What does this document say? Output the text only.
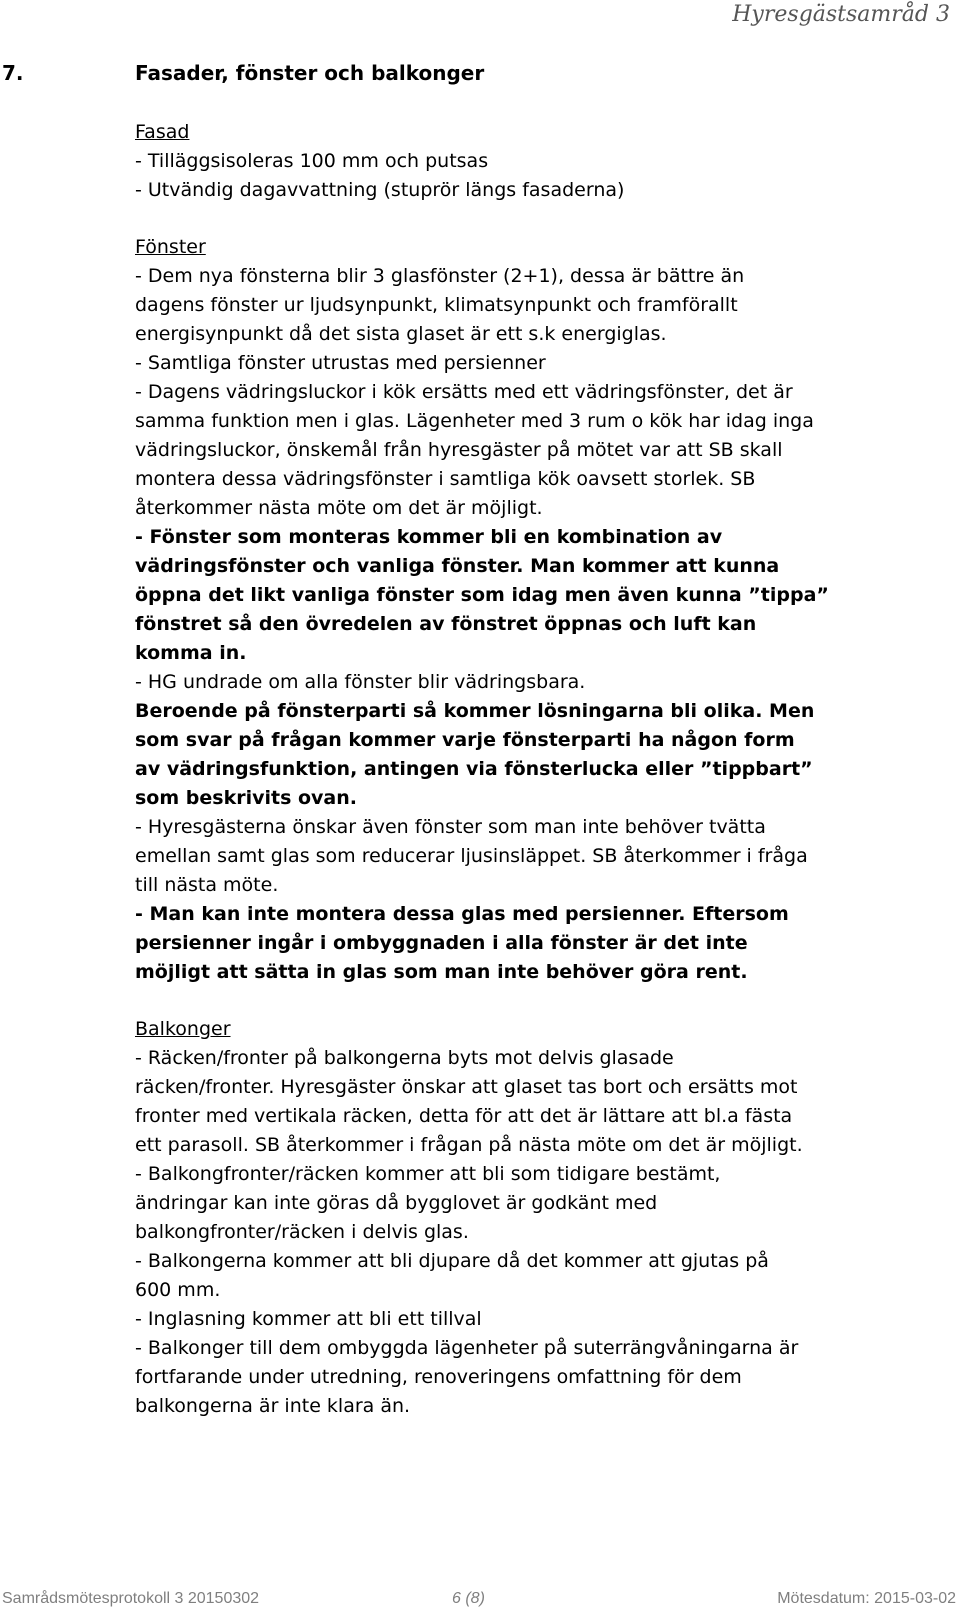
Hyresgästsamråd 3
7.	Fasader, fönster och balkonger
Fasad
- Tilläggsisoleras 100 mm och putsas
- Utvändig dagavvattning (stuprör längs fasaderna)
Fönster
- Dem nya fönsterna blir 3 glasfönster (2+1), dessa är bättre än
dagens fönster ur ljudsynpunkt, klimatsynpunkt och framförallt
energisynpunkt då det sista glaset är ett s.k energiglas.
- Samtliga fönster utrustas med persienner
- Dagens vädringsluckor i kök ersätts med ett vädringsfönster, det är
samma funktion men i glas. Lägenheter med 3 rum o kök har idag inga
vädringsluckor, önskemål från hyresgäster på mötet var att SB skall
montera dessa vädringsfönster i samtliga kök oavsett storlek. SB
återkommer nästa möte om det är möjligt.
- Fönster som monteras kommer bli en kombination av
vädringsfönster och vanliga fönster. Man kommer att kunna
öppna det likt vanliga fönster som idag men även kunna ”tippa”
fönstret så den övredelen av fönstret öppnas och luft kan
komma in.
- HG undrade om alla fönster blir vädringsbara.
Beroende på fönsterparti så kommer lösningarna bli olika. Men
som svar på frågan kommer varje fönsterparti ha någon form
av vädringsfunktion, antingen via fönsterlucka eller ”tippbart”
som beskrivits ovan.
- Hyresgästerna önskar även fönster som man inte behöver tvätta
emellan samt glas som reducerar ljusinsläppet. SB återkommer i fråga
till nästa möte.
- Man kan inte montera dessa glas med persienner. Eftersom
persienner ingår i ombyggnaden i alla fönster är det inte
möjligt att sätta in glas som man inte behöver göra rent.
Balkonger
- Räcken/fronter på balkongerna byts mot delvis glasade
räcken/fronter. Hyresgäster önskar att glaset tas bort och ersätts mot
fronter med vertikala räcken, detta för att det är lättare att bl.a fästa
ett parasoll. SB återkommer i frågan på nästa möte om det är möjligt.
- Balkongfronter/räcken kommer att bli som tidigare bestämt,
ändringar kan inte göras då bygglovet är godkänt med
balkongfronter/räcken i delvis glas.
- Balkongerna kommer att bli djupare då det kommer att gjutas på
600 mm.
- Inglasning kommer att bli ett tillval
- Balkonger till dem ombyggda lägenheter på suterrängvåningarna är
fortfarande under utredning, renoveringens omfattning för dem
balkongerna är inte klara än.
Samrådsmötesprotokoll 3 20150302	6 (8)	Mötesdatum: 2015-03-02
